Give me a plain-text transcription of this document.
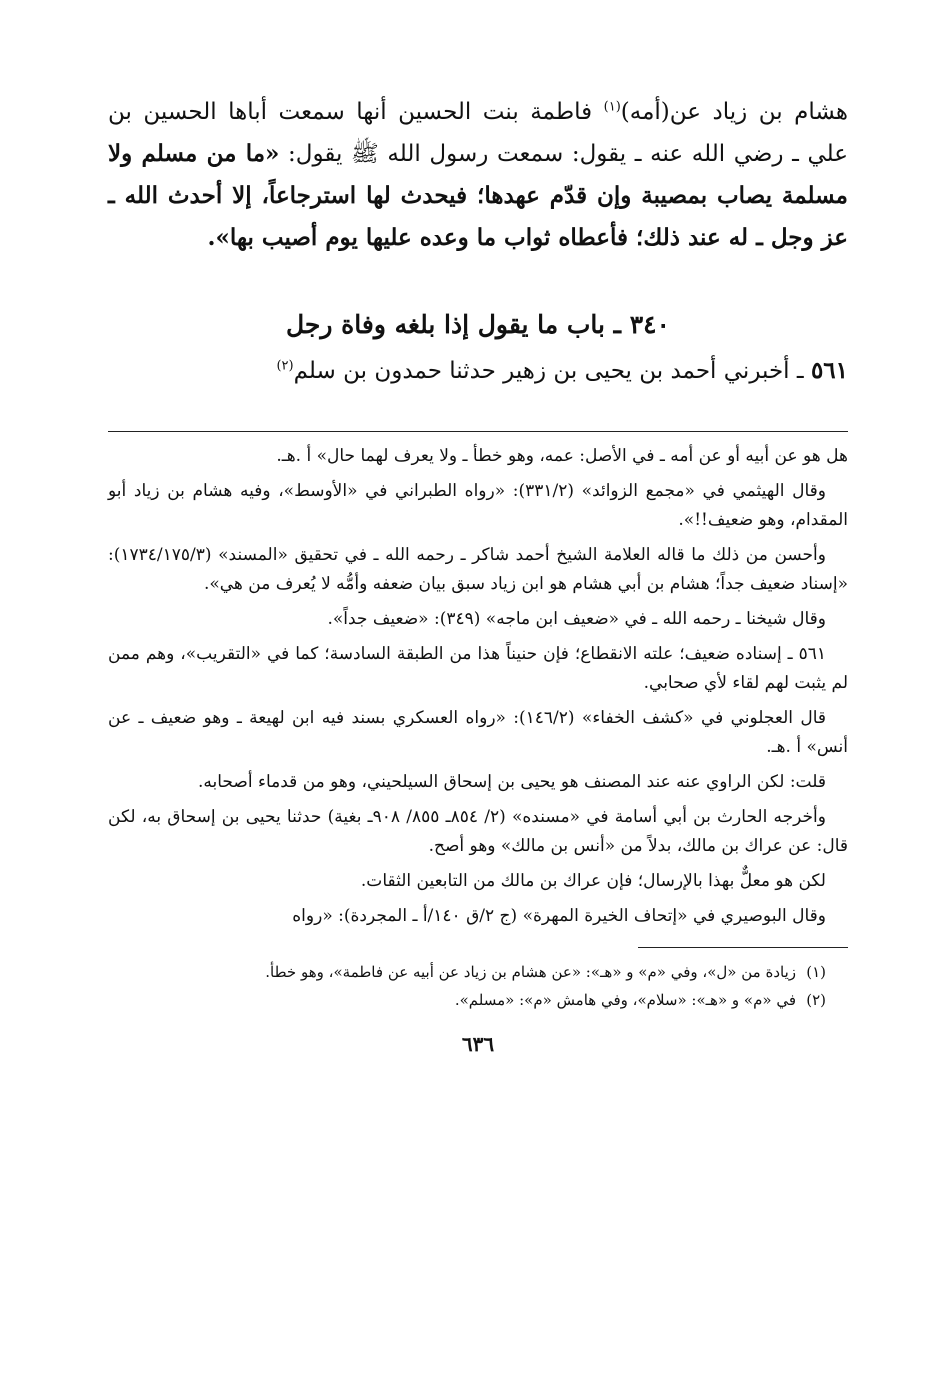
هشام بن زياد عن(أمه)$^{(١)}$ فاطمة بنت الحسين أنها سمعت أباها الحسين بن علي ـ رضي الله عنه ـ يقول: سمعت رسول الله ﷺ يقول: «ما من مسلم ولا مسلمة يصاب بمصيبة وإن قدّم عهدها؛ فيحدث لها استرجاعاً، إلا أحدث الله ـ عز وجل ـ له عند ذلك؛ فأعطاه ثواب ما وعده عليها يوم أصيب بها».

٣٤٠ ـ باب ما يقول إذا بلغه وفاة رجل

٥٦١ ـ أخبرني أحمد بن يحيى بن زهير حدثنا حمدون بن سلم$^{(٢)}$

هل هو عن أبيه أو عن أمه ـ في الأصل: عمه، وهو خطأ ـ ولا يعرف لهما حال» أ .هـ.

وقال الهيثمي في «مجمع الزوائد» (٣٣١/٢): «رواه الطبراني في «الأوسط»، وفيه هشام بن زياد أبو المقدام، وهو ضعيف!!».

وأحسن من ذلك ما قاله العلامة الشيخ أحمد شاكر ـ رحمه الله ـ في تحقيق «المسند» (١٧٣٤/١٧٥/٣): «إسناد ضعيف جداً؛ هشام بن أبي هشام هو ابن زياد سبق بيان ضعفه وأمُّه لا يُعرف من هي».

وقال شيخنا ـ رحمه الله ـ في «ضعيف ابن ماجه» (٣٤٩): «ضعيف جداً».

٥٦١ ـ إسناده ضعيف؛ علته الانقطاع؛ فإن حنيناً هذا من الطبقة السادسة؛ كما في «التقريب»، وهم ممن لم يثبت لهم لقاء لأي صحابي.

قال العجلوني في «كشف الخفاء» (١٤٦/٢): «رواه العسكري بسند فيه ابن لهيعة ـ وهو ضعيف ـ عن أنس» أ .هـ.

قلت: لكن الراوي عنه عند المصنف هو يحيى بن إسحاق السيلحيني، وهو من قدماء أصحابه.

وأخرجه الحارث بن أبي أسامة في «مسنده» (٢/ ٨٥٤ـ ٨٥٥/ ٩٠٨ـ بغية) حدثنا يحيى بن إسحاق به، لكن قال: عن عراك بن مالك، بدلاً من «أنس بن مالك» وهو أصح.

لكن هو معلٌّ بهذا بالإرسال؛ فإن عراك بن مالك من التابعين الثقات.

وقال البوصيري في «إتحاف الخيرة المهرة» (ج ٢/ق ١٤٠/أ ـ المجردة): «رواه

(١)زيادة من «ل»، وفي «م» و «هـ»: «عن هشام بن زياد عن أبيه عن فاطمة»، وهو خطأ.

(٢)في «م» و «هـ»: «سلام»، وفي هامش «م»: «مسلم».

٦٣٦
